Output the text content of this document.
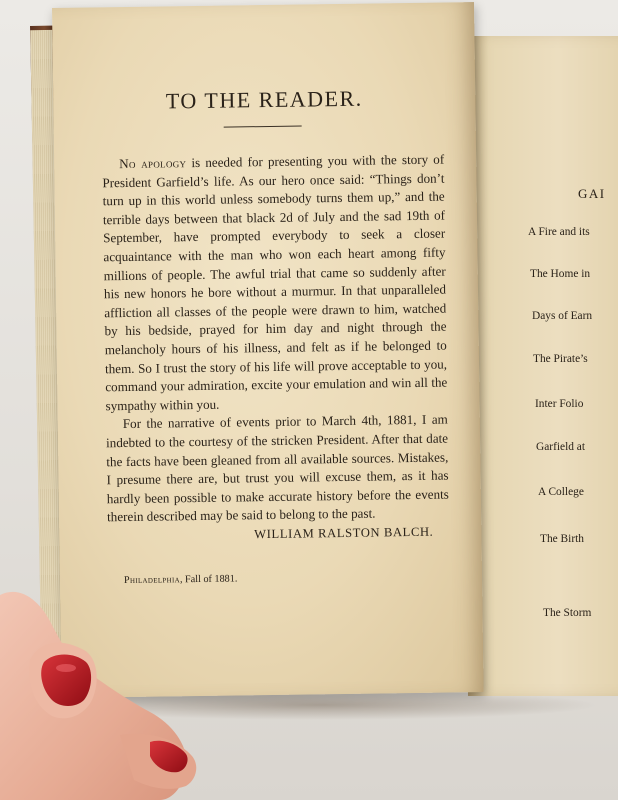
GAI
A Fire and its
The Home in
Days of Earn
The Pirate’s
Inter Folio
Garfield at
A College
The Birth
The Storm
TO THE READER.

No apology is needed for presenting you with the story of President Garfield’s life. As our hero once said: “Things don’t turn up in this world unless somebody turns them up,” and the terrible days between that black 2d of July and the sad 19th of September, have prompted everybody to seek a closer acquaintance with the man who won each heart among fifty millions of people. The awful trial that came so suddenly after his new honors he bore without a murmur. In that unparalleled affliction all classes of the people were drawn to him, watched by his bedside, prayed for him day and night through the melancholy hours of his illness, and felt as if he belonged to them. So I trust the story of his life will prove acceptable to you, command your admiration, excite your emulation and win all the sympathy within you.

For the narrative of events prior to March 4th, 1881, I am indebted to the courtesy of the stricken President. After that date the facts have been gleaned from all available sources. Mistakes, I presume there are, but trust you will excuse them, as it has hardly been possible to make accurate history before the events therein described may be said to belong to the past.

WILLIAM RALSTON BALCH.
Philadelphia, Fall of 1881.
